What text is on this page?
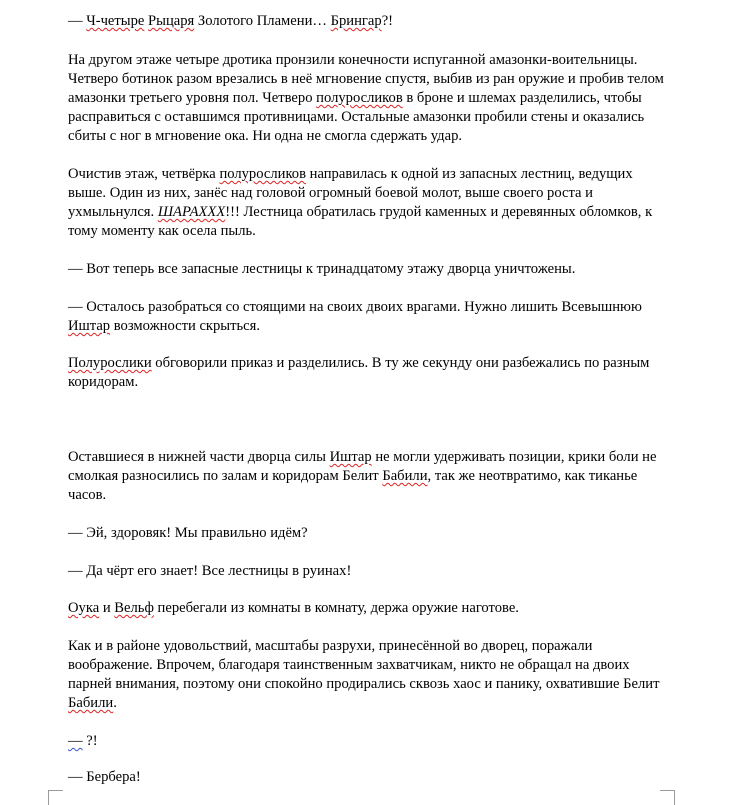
— Ч-четыре Рыцаря Золотого Пламени… Брингар?!

На другом этаже четыре дротика пронзили конечности испуганной амазонки-воительницы. Четверо ботинок разом врезались в неё мгновение спустя, выбив из ран оружие и пробив телом амазонки третьего уровня пол. Четверо полуросликов в броне и шлемах разделились, чтобы расправиться с оставшимся противницами. Остальные амазонки пробили стены и оказались сбиты с ног в мгновение ока. Ни одна не смогла сдержать удар.

Очистив этаж, четвёрка полуросликов направилась к одной из запасных лестниц, ведущих выше. Один из них, занёс над головой огромный боевой молот, выше своего роста и ухмыльнулся. ШАРАХХХ!!! Лестница обратилась грудой каменных и деревянных обломков, к тому моменту как осела пыль.

— Вот теперь все запасные лестницы к тринадцатому этажу дворца уничтожены.

— Осталось разобраться со стоящими на своих двоих врагами. Нужно лишить Всевышнюю Иштар возможности скрыться.

Полурослики обговорили приказ и разделились. В ту же секунду они разбежались по разным коридорам.

Оставшиеся в нижней части дворца силы Иштар не могли удерживать позиции, крики боли не смолкая разносились по залам и коридорам Белит Бабили, так же неотвратимо, как тиканье часов.

— Эй, здоровяк! Мы правильно идём?

— Да чёрт его знает! Все лестницы в руинах!

Оука и Вельф перебегали из комнаты в комнату, держа оружие наготове.

Как и в районе удовольствий, масштабы разрухи, принесённой во дворец, поражали воображение. Впрочем, благодаря таинственным захватчикам, никто не обращал на двоих парней внимания, поэтому они спокойно продирались сквозь хаос и панику, охватившие Белит Бабили.

— ?!

— Бербера!
